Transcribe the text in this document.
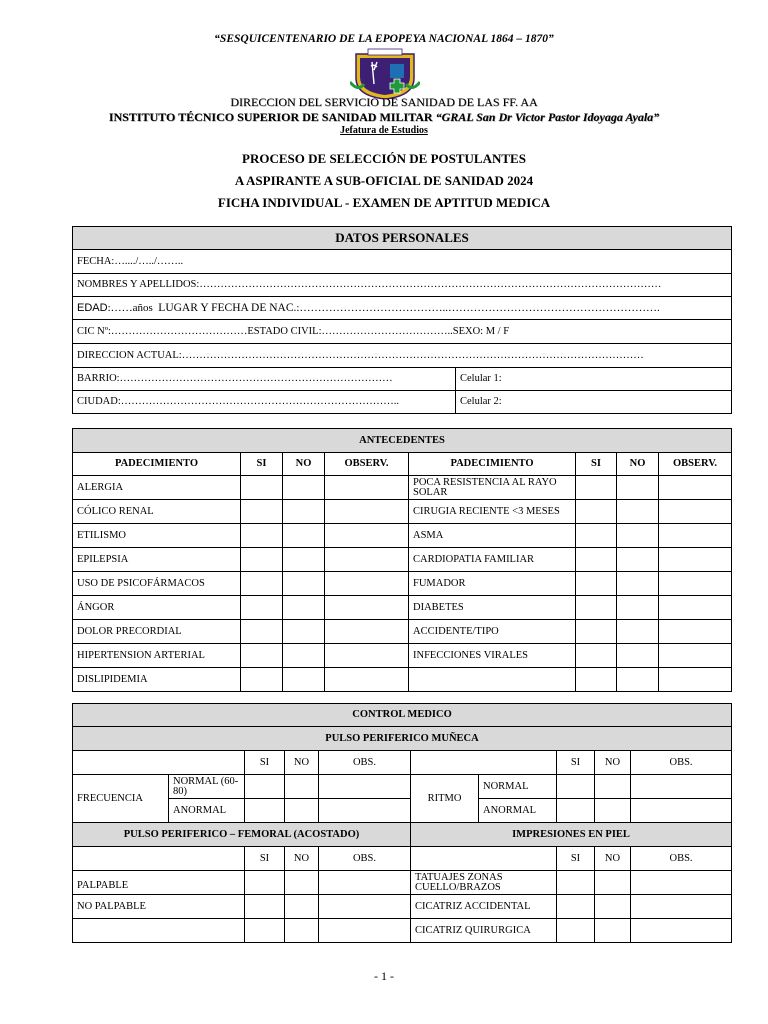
“SESQUICENTENARIO DE LA EPOPEYA NACIONAL 1864 – 1870”
DIRECCION DEL SERVICIO DE SANIDAD DE LAS FF. AA
INSTITUTO TÉCNICO SUPERIOR DE SANIDAD MILITAR “GRAL San Dr Victor Pastor Idoyaga Ayala”
Jefatura de Estudios
PROCESO DE SELECCIÓN DE POSTULANTES
A ASPIRANTE A SUB-OFICIAL DE SANIDAD 2024
FICHA INDIVIDUAL - EXAMEN DE APTITUD MEDICA
DATOS PERSONALES	
FECHA:…..../…../……..	
NOMBRES Y APELLIDOS:……………………………………………………………………………………………………………………	
EDAD:……años LUGAR Y FECHA DE NAC.:…………………………………..………………………………………………….	
CIC Nº:…………………………………ESTADO CIVIL:………………………………..SEXO: M / F	
DIRECCION ACTUAL:……………………………………………………………………………………………………………………	
BARRIO:……………………………………………………………………	Celular 1:
CIUDAD:……………………………………………………………………..	Celular 2:
ANTECEDENTES							
PADECIMIENTO	SI	NO	OBSERV.	PADECIMIENTO	SI	NO	OBSERV.
ALERGIA				POCA RESISTENCIA AL RAYO SOLAR			
CÓLICO RENAL				CIRUGIA RECIENTE <3 MESES			
ETILISMO				ASMA			
EPILEPSIA				CARDIOPATIA FAMILIAR			
USO DE PSICOFÁRMACOS				FUMADOR			
ÁNGOR				DIABETES			
DOLOR PRECORDIAL				ACCIDENTE/TIPO			
HIPERTENSION ARTERIAL				INFECCIONES VIRALES			
DISLIPIDEMIA							
CONTROL MEDICO									
PULSO PERIFERICO MUÑECA									
		SI	NO	OBS.			SI	NO	OBS.
FRECUENCIA	NORMAL (60-80)				RITMO	NORMAL			
	ANORMAL					ANORMAL			
PULSO PERIFERICO – FEMORAL (ACOSTADO)					IMPRESIONES EN PIEL				
		SI	NO	OBS.			SI	NO	OBS.
PALPABLE					TATUAJES ZONAS CUELLO/BRAZOS				
NO PALPABLE					CICATRIZ ACCIDENTAL				
					CICATRIZ QUIRURGICA				
- 1 -
